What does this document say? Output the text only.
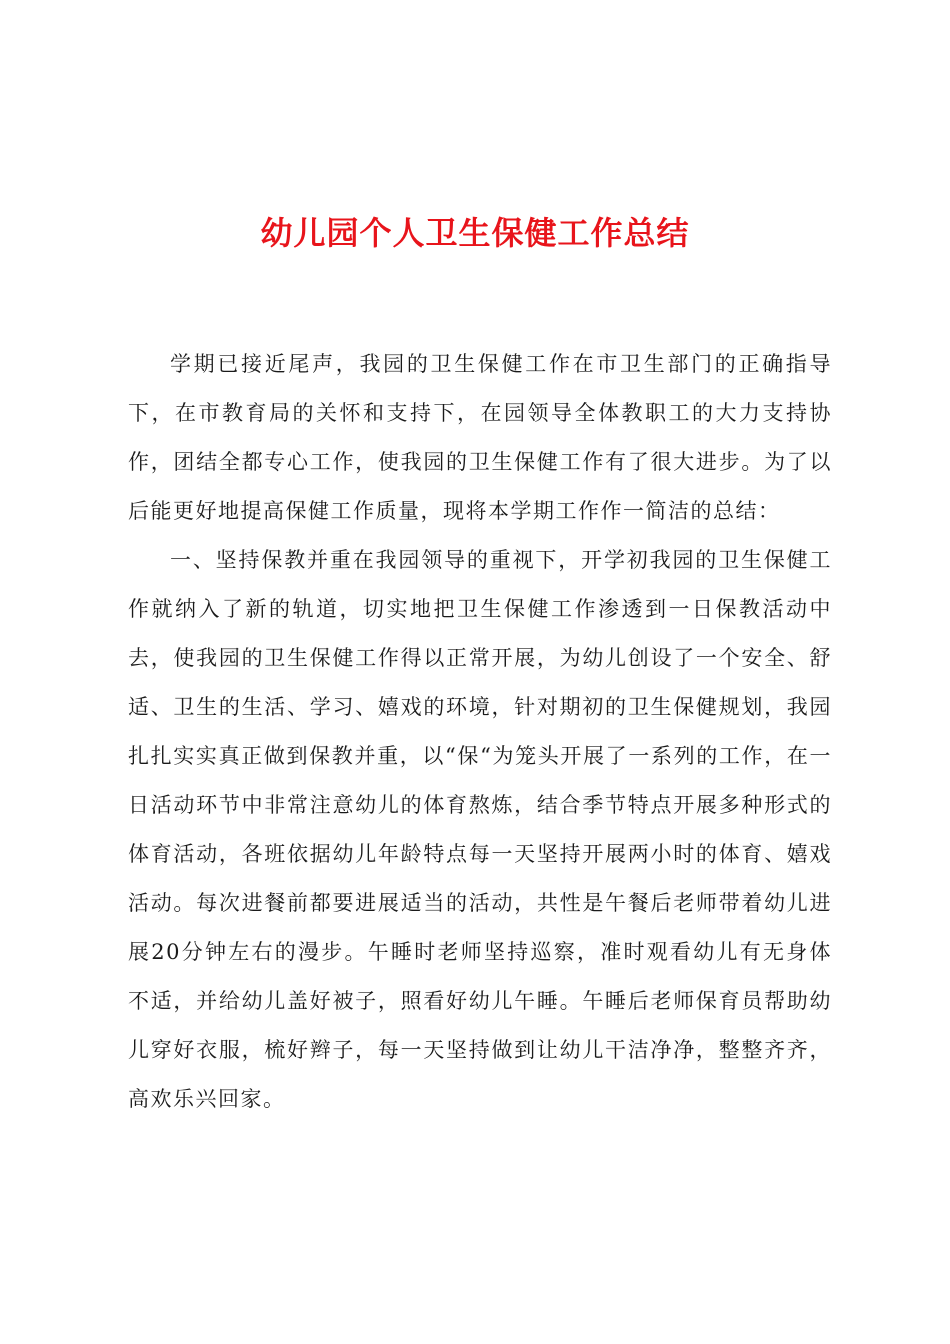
幼儿园个人卫生保健工作总结

学期已接近尾声，我园的卫生保健工作在市卫生部门的正确指导下，在市教育局的关怀和支持下，在园领导全体教职工的大力支持协作，团结全都专心工作，使我园的卫生保健工作有了很大进步。为了以后能更好地提高保健工作质量，现将本学期工作作一简洁的总结：

一、坚持保教并重在我园领导的重视下，开学初我园的卫生保健工作就纳入了新的轨道，切实地把卫生保健工作渗透到一日保教活动中去，使我园的卫生保健工作得以正常开展，为幼儿创设了一个安全、舒适、卫生的生活、学习、嬉戏的环境，针对期初的卫生保健规划，我园扎扎实实真正做到保教并重，以“保“为笼头开展了一系列的工作，在一日活动环节中非常注意幼儿的体育熬炼，结合季节特点开展多种形式的体育活动，各班依据幼儿年龄特点每一天坚持开展两小时的体育、嬉戏活动。每次进餐前都要进展适当的活动，共性是午餐后老师带着幼儿进展20分钟左右的漫步。午睡时老师坚持巡察，准时观看幼儿有无身体不适，并给幼儿盖好被子，照看好幼儿午睡。午睡后老师保育员帮助幼儿穿好衣服，梳好辫子，每一天坚持做到让幼儿干洁净净，整整齐齐，高欢乐兴回家。
